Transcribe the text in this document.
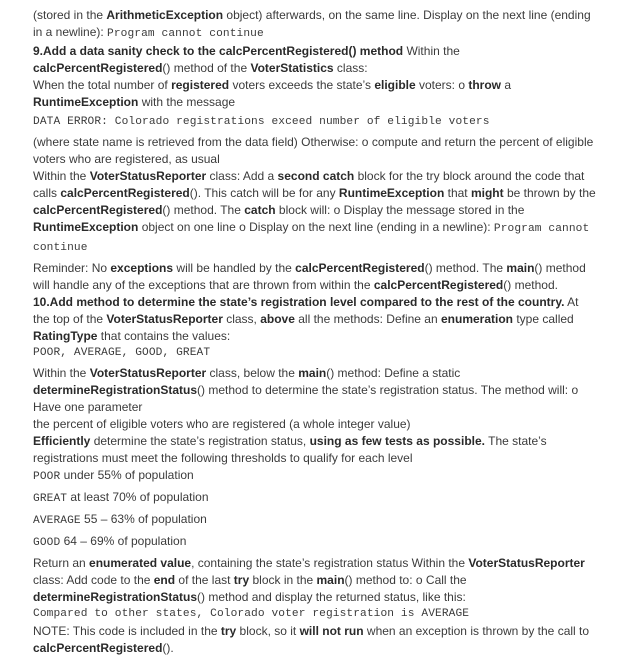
(stored in the ArithmeticException object) afterwards, on the same line. Display on the next line (ending in a newline): Program cannot continue

9.Add a data sanity check to the calcPercentRegistered() method Within the calcPercentRegistered() method of the VoterStatistics class:

When the total number of registered voters exceeds the state’s eligible voters: o throw a RuntimeException with the message

DATA ERROR: Colorado registrations exceed number of eligible voters

(where state name is retrieved from the data field) Otherwise: o compute and return the percent of eligible voters who are registered, as usual

Within the VoterStatusReporter class: Add a second catch block for the try block around the code that calls calcPercentRegistered(). This catch will be for any RuntimeException that might be thrown by the calcPercentRegistered() method. The catch block will: o Display the message stored in the RuntimeException object on one line o Display on the next line (ending in a newline): Program cannot continue

Reminder: No exceptions will be handled by the calcPercentRegistered() method. The main() method will handle any of the exceptions that are thrown from within the calcPercentRegistered() method.

10.Add method to determine the state’s registration level compared to the rest of the country. At the top of the VoterStatusReporter class, above all the methods: Define an enumeration type called RatingType that contains the values:

POOR, AVERAGE, GOOD, GREAT

Within the VoterStatusReporter class, below the main() method: Define a static determineRegistrationStatus() method to determine the state’s registration status. The method will: o Have one parameter

the percent of eligible voters who are registered (a whole integer value)

Efficiently determine the state’s registration status, using as few tests as possible. The state’s registrations must meet the following thresholds to qualify for each level

POOR under 55% of population

GREAT at least 70% of population

AVERAGE 55 – 63% of population

GOOD 64 – 69% of population

Return an enumerated value, containing the state’s registration status Within the VoterStatusReporter class: Add code to the end of the last try block in the main() method to: o Call the determineRegistrationStatus() method and display the returned status, like this:

Compared to other states, Colorado voter registration is AVERAGE

NOTE: This code is included in the try block, so it will not run when an exception is thrown by the call to calcPercentRegistered().
